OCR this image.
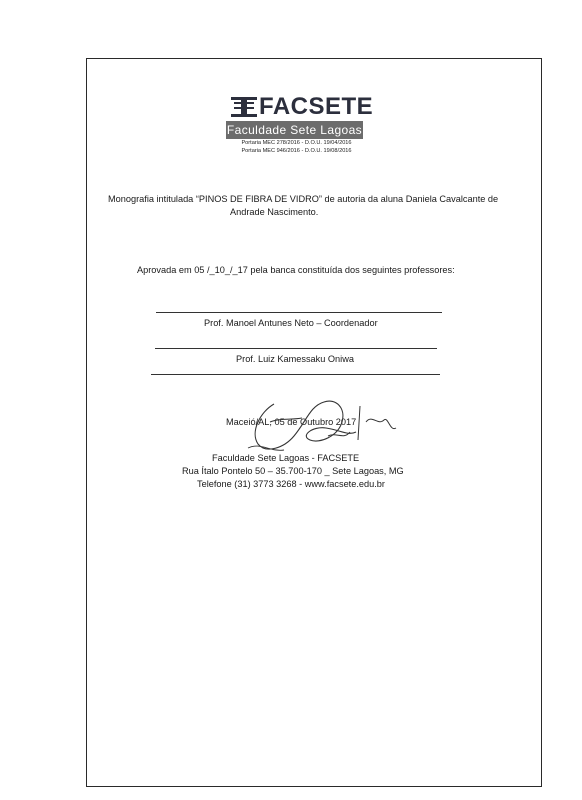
FACSETE
Faculdade Sete Lagoas
Portaria MEC 278/2016 - D.O.U. 19/04/2016
Portaria MEC 946/2016 - D.O.U. 19/08/2016
Monografia intitulada “PINOS DE FIBRA DE VIDRO” de autoria da aluna Daniela Cavalcante de
Andrade Nascimento.
Aprovada em 05 /_10_/_17 pela banca constituída dos seguintes professores:
Prof. Manoel Antunes Neto – Coordenador
Prof. Luiz Kamessaku Oniwa
Maceió/AL, 05 de Outubro 2017
Faculdade Sete Lagoas - FACSETE
Rua Ítalo Pontelo 50 – 35.700-170 _ Sete Lagoas, MG
Telefone (31) 3773 3268 - www.facsete.edu.br
